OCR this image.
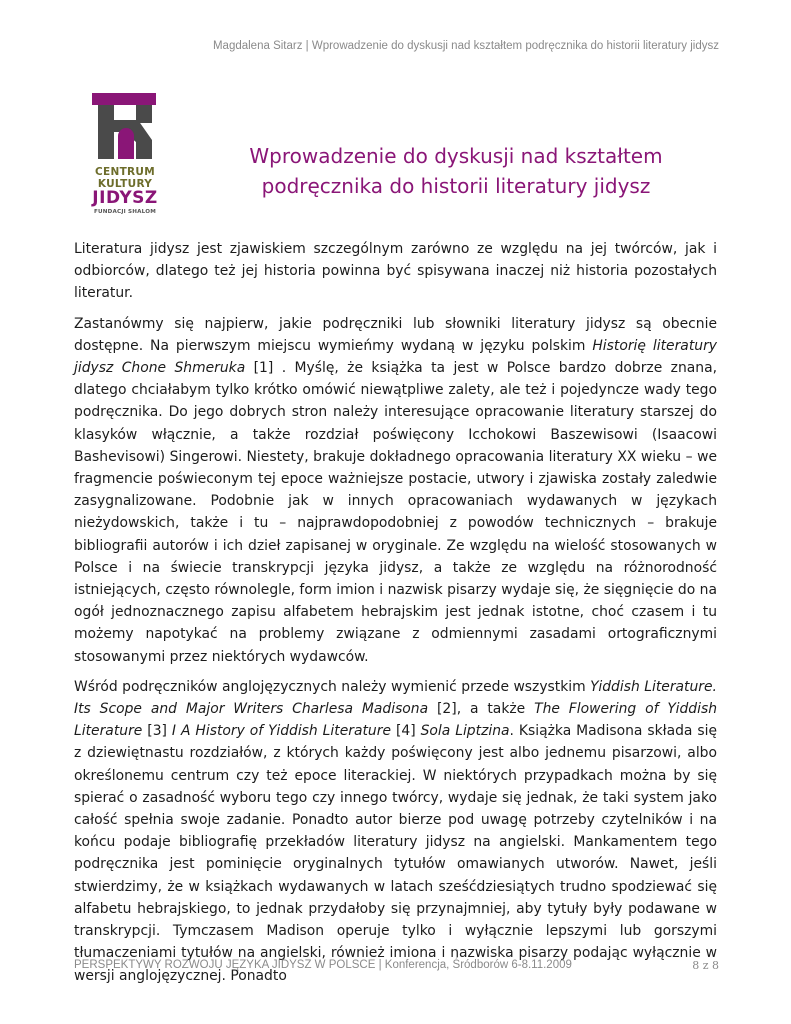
Magdalena Sitarz | Wprowadzenie do dyskusji nad kształtem podręcznika do historii literatury jidysz
CENTRUM
KULTURY
JIDYSZ
FUNDACJI SHALOM
Wprowadzenie do dyskusji nad kształtem podręcznika do historii literatury jidysz

Literatura jidysz jest zjawiskiem szczególnym zarówno ze względu na jej twórców, jak i odbiorców, dlatego też jej historia powinna być spisywana inaczej niż historia pozostałych literatur.

Zastanówmy się najpierw, jakie podręczniki lub słowniki literatury jidysz są obecnie dostępne. Na pierwszym miejscu wymieńmy wydaną w języku polskim Historię literatury jidysz Chone Shmeruka [1] . Myślę, że książka ta jest w Polsce bardzo dobrze znana, dlatego chciałabym tylko krótko omówić niewątpliwe zalety, ale też i pojedyncze wady tego podręcznika. Do jego dobrych stron należy interesujące opracowanie literatury starszej do klasyków włącznie, a także rozdział poświęcony Icchokowi Baszewisowi (Isaacowi Bashevisowi) Singerowi. Niestety, brakuje dokładnego opracowania literatury XX wieku – we fragmencie poświeconym tej epoce ważniejsze postacie, utwory i zjawiska zostały zaledwie zasygnalizowane. Podobnie jak w innych opracowaniach wydawanych w językach nieżydowskich, także i tu – najprawdopodobniej z powodów technicznych – brakuje bibliografii autorów i ich dzieł zapisanej w oryginale. Ze względu na wielość stosowanych w Polsce i na świecie transkrypcji języka jidysz, a także ze względu na różnorodność istniejących, często równolegle, form imion i nazwisk pisarzy wydaje się, że sięgnięcie do na ogół jednoznacznego zapisu alfabetem hebrajskim jest jednak istotne, choć czasem i tu możemy napotykać na problemy związane z odmiennymi zasadami ortograficznymi stosowanymi przez niektórych wydawców.

Wśród podręczników anglojęzycznych należy wymienić przede wszystkim Yiddish Literature. Its Scope and Major Writers Charlesa Madisona [2], a także The Flowering of Yiddish Literature [3] I A History of Yiddish Literature [4] Sola Liptzina. Książka Madisona składa się z dziewiętnastu rozdziałów, z których każdy poświęcony jest albo jednemu pisarzowi, albo określonemu centrum czy też epoce literackiej. W niektórych przypadkach można by się spierać o zasadność wyboru tego czy innego twórcy, wydaje się jednak, że taki system jako całość spełnia swoje zadanie. Ponadto autor bierze pod uwagę potrzeby czytelników i na końcu podaje bibliografię przekładów literatury jidysz na angielski. Mankamentem tego podręcznika jest pominięcie oryginalnych tytułów omawianych utworów. Nawet, jeśli stwierdzimy, że w książkach wydawanych w latach sześćdziesiątych trudno spodziewać się alfabetu hebrajskiego, to jednak przydałoby się przynajmniej, aby tytuły były podawane w transkrypcji. Tymczasem Madison operuje tylko i wyłącznie lepszymi lub gorszymi tłumaczeniami tytułów na angielski, również imiona i nazwiska pisarzy podając wyłącznie w wersji anglojęzycznej. Ponadto

PERSPEKTYWY ROZWOJU JĘZYKA JIDYSZ W POLSCE | Konferencja, Śródborów 6-8.11.2009	8 z 8
